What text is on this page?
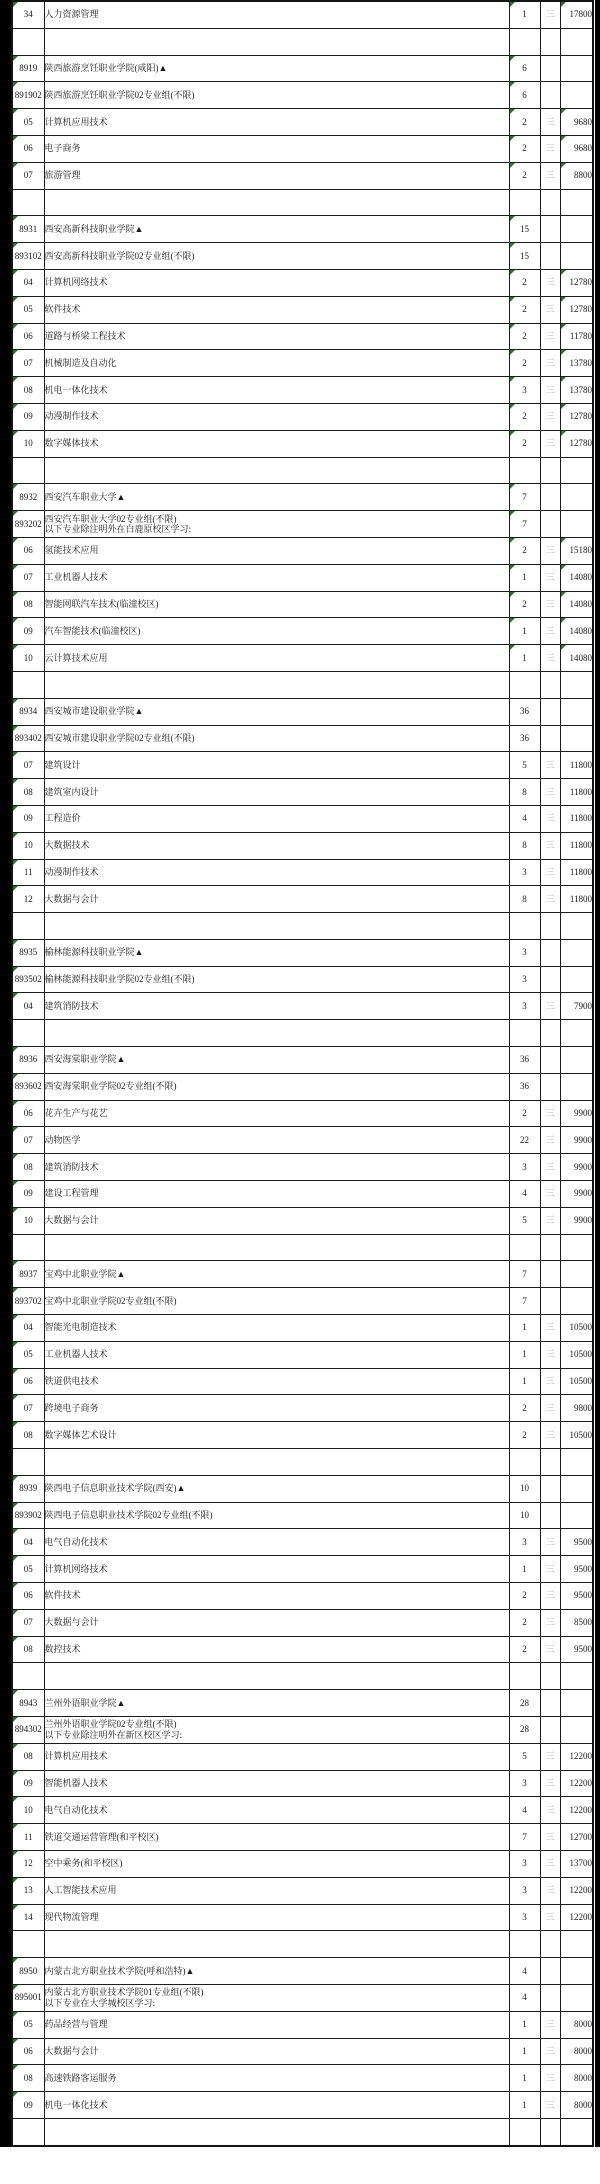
34	人力资源管理	1	三	17800

8919	陕西旅游烹饪职业学院(咸阳)▲	6		

891902	陕西旅游烹饪职业学院02专业组(不限)	6		

05	计算机应用技术	2	三	9680

06	电子商务	2	三	9680

07	旅游管理	2	三	8800

8931	西安高新科技职业学院▲	15		

893102	西安高新科技职业学院02专业组(不限)	15		

04	计算机网络技术	2	三	12780

05	软件技术	2	三	12780

06	道路与桥梁工程技术	2	三	11780

07	机械制造及自动化	2	三	13780

08	机电一体化技术	3	三	13780

09	动漫制作技术	2	三	12780

10	数字媒体技术	2	三	12780

8932	西安汽车职业大学▲	7		

893202	西安汽车职业大学02专业组(不限)
以下专业除注明外在白鹿原校区学习:	7		

06	氢能技术应用	2	三	15180

07	工业机器人技术	1	三	14080

08	智能网联汽车技术(临潼校区)	2	三	14080

09	汽车智能技术(临潼校区)	1	三	14080

10	云计算技术应用	1	三	14080

8934	西安城市建设职业学院▲	36		

893402	西安城市建设职业学院02专业组(不限)	36		

07	建筑设计	5	三	11800

08	建筑室内设计	8	三	11800

09	工程造价	4	三	11800

10	大数据技术	8	三	11800

11	动漫制作技术	3	三	11800

12	大数据与会计	8	三	11800

8935	榆林能源科技职业学院▲	3		

893502	榆林能源科技职业学院02专业组(不限)	3		

04	建筑消防技术	3	三	7900

8936	西安海棠职业学院▲	36		

893602	西安海棠职业学院02专业组(不限)	36		

06	花卉生产与花艺	2	三	9900

07	动物医学	22	三	9900

08	建筑消防技术	3	三	9900

09	建设工程管理	4	三	9900

10	大数据与会计	5	三	9900

8937	宝鸡中北职业学院▲	7		

893702	宝鸡中北职业学院02专业组(不限)	7		

04	智能光电制造技术	1	三	10500

05	工业机器人技术	1	三	10500

06	铁道供电技术	1	三	10500

07	跨境电子商务	2	三	9800

08	数字媒体艺术设计	2	三	10500

8939	陕西电子信息职业技术学院(西安)▲	10		

893902	陕西电子信息职业技术学院02专业组(不限)	10		

04	电气自动化技术	3	三	9500

05	计算机网络技术	1	三	9500

06	软件技术	2	三	9500

07	大数据与会计	2	三	8500

08	数控技术	2	三	9500

8943	兰州外语职业学院▲	28		

894302	兰州外语职业学院02专业组(不限)
以下专业除注明外在新区校区学习:	28		

08	计算机应用技术	5	三	12200

09	智能机器人技术	3	三	12200

10	电气自动化技术	4	三	12200

11	铁道交通运营管理(和平校区)	7	三	12700

12	空中乘务(和平校区)	3	三	13700

13	人工智能技术应用	3	三	12200

14	现代物流管理	3	三	12200

8950	内蒙古北方职业技术学院(呼和浩特)▲	4		

895001	内蒙古北方职业技术学院01专业组(不限)
以下专业在大学城校区学习:	4		

05	药品经营与管理	1	三	8000

06	大数据与会计	1	三	8000

08	高速铁路客运服务	1	三	8000

09	机电一体化技术	1	三	8000
